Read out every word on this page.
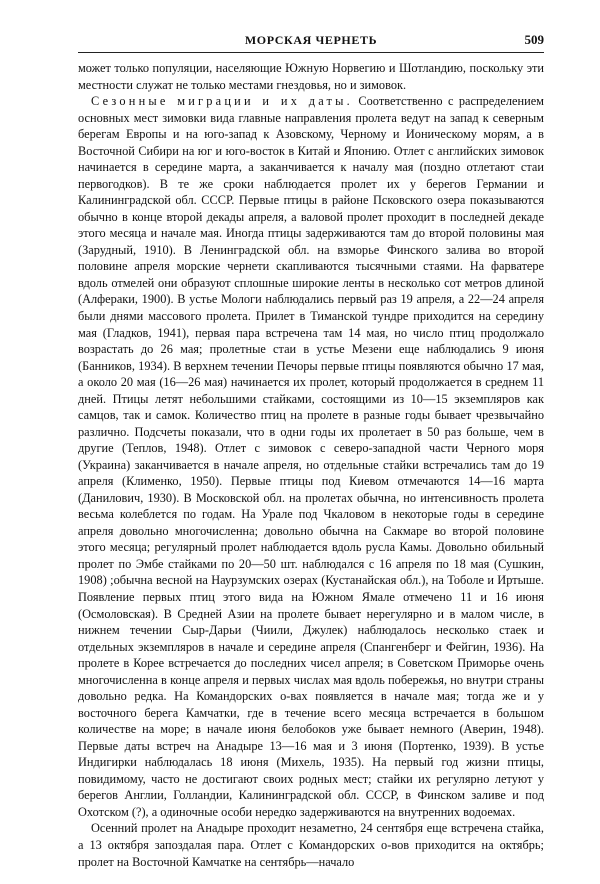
МОРСКАЯ ЧЕРНЕТЬ	509

может только популяции, населяющие Южную Норвегию и Шотландию, поскольку эти местности служат не только местами гнездовья, но и зимовок.

Сезонные миграции и их даты. Соответственно с распределением основных мест зимовки вида главные направления пролета ведут на запад к северным берегам Европы и на юго-запад к Азовскому, Черному и Ионическому морям, а в Восточной Сибири на юг и юго-восток в Китай и Японию. Отлет с английских зимовок начинается в середине марта, а заканчивается к началу мая (поздно отлетают стаи первогодков). В те же сроки наблюдается пролет их у берегов Германии и Калининградской обл. СССР. Первые птицы в районе Псковского озера показываются обычно в конце второй декады апреля, а валовой пролет проходит в последней декаде этого месяца и начале мая. Иногда птицы задерживаются там до второй половины мая (Зарудный, 1910). В Ленинградской обл. на взморье Финского залива во второй половине апреля морские чернети скапливаются тысячными стаями. На фарватере вдоль отмелей они образуют сплошные широкие ленты в несколько сот метров длиной (Алфераки, 1900). В устье Мологи наблюдались первый раз 19 апреля, а 22—24 апреля были днями массового пролета. Прилет в Тиманской тундре приходится на середину мая (Гладков, 1941), первая пара встречена там 14 мая, но число птиц продолжало возрастать до 26 мая; пролетные стаи в устье Мезени еще наблюдались 9 июня (Банников, 1934). В верхнем течении Печоры первые птицы появляются обычно 17 мая, а около 20 мая (16—26 мая) начинается их пролет, который продолжается в среднем 11 дней. Птицы летят небольшими стайками, состоящими из 10—15 экземпляров как самцов, так и самок. Количество птиц на пролете в разные годы бывает чрезвычайно различно. Подсчеты показали, что в одни годы их пролетает в 50 раз больше, чем в другие (Теплов, 1948). Отлет с зимовок с северо-западной части Черного моря (Украина) заканчивается в начале апреля, но отдельные стайки встречались там до 19 апреля (Клименко, 1950). Первые птицы под Киевом отмечаются 14—16 марта (Данилович, 1930). В Московской обл. на пролетах обычна, но интенсивность пролета весьма колеблется по годам. На Урале под Чкаловом в некоторые годы в середине апреля довольно многочисленна; довольно обычна на Сакмаре во второй половине этого месяца; регулярный пролет наблюдается вдоль русла Камы. Довольно обильный пролет по Эмбе стайками по 20—50 шт. наблюдался с 16 апреля по 18 мая (Сушкин, 1908) ;обычна весной на Наурзумских озерах (Кустанайская обл.), на Тоболе и Иртыше. Появление первых птиц этого вида на Южном Ямале отмечено 11 и 16 июня (Осмоловская). В Средней Азии на пролете бывает нерегулярно и в малом числе, в нижнем течении Сыр-Дарьи (Чиили, Джулек) наблюдалось несколько стаек и отдельных экземпляров в начале и середине апреля (Спангенберг и Фейгин, 1936). На пролете в Корее встречается до последних чисел апреля; в Советском Приморье очень многочисленна в конце апреля и первых числах мая вдоль побережья, но внутри страны довольно редка. На Командорских о-вах появляется в начале мая; тогда же и у восточного берега Камчатки, где в течение всего месяца встречается в большом количестве на море; в начале июня белобоков уже бывает немного (Аверин, 1948). Первые даты встреч на Анадыре 13—16 мая и 3 июня (Портенко, 1939). В устье Индигирки наблюдалась 18 июня (Михель, 1935). На первый год жизни птицы, повидимому, часто не достигают своих родных мест; стайки их регулярно летуют у берегов Англии, Голландии, Калининградской обл. СССР, в Финском заливе и под Охотском (?), а одиночные особи нередко задерживаются на внутренних водоемах.

Осенний пролет на Анадыре проходит незаметно, 24 сентября еще встречена стайка, а 13 октября запоздалая пара. Отлет с Командорских о-вов приходится на октябрь; пролет на Восточной Камчатке на сентябрь—начало
